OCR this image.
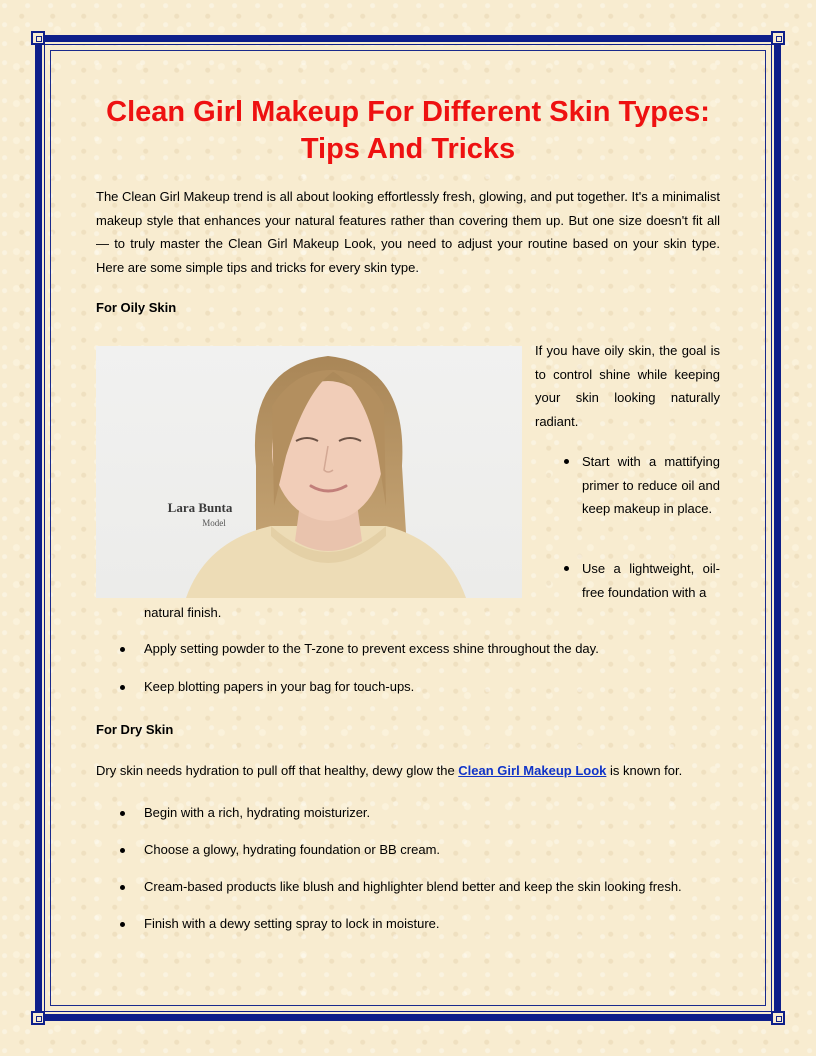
Clean Girl Makeup For Different Skin Types: Tips And Tricks

The Clean Girl Makeup trend is all about looking effortlessly fresh, glowing, and put together. It's a minimalist makeup style that enhances your natural features rather than covering them up. But one size doesn't fit all — to truly master the Clean Girl Makeup Look, you need to adjust your routine based on your skin type. Here are some simple tips and tricks for every skin type.

For Oily Skin
Lara Bunta
Model

If you have oily skin, the goal is to control shine while keeping your skin looking naturally radiant.

Start with a mattifying primer to reduce oil and keep makeup in place.

Use a lightweight, oil-free foundation with a

natural finish.

Apply setting powder to the T-zone to prevent excess shine throughout the day.

Keep blotting papers in your bag for touch-ups.

For Dry Skin

Dry skin needs hydration to pull off that healthy, dewy glow the Clean Girl Makeup Look is known for.

Begin with a rich, hydrating moisturizer.

Choose a glowy, hydrating foundation or BB cream.

Cream-based products like blush and highlighter blend better and keep the skin looking fresh.

Finish with a dewy setting spray to lock in moisture.
